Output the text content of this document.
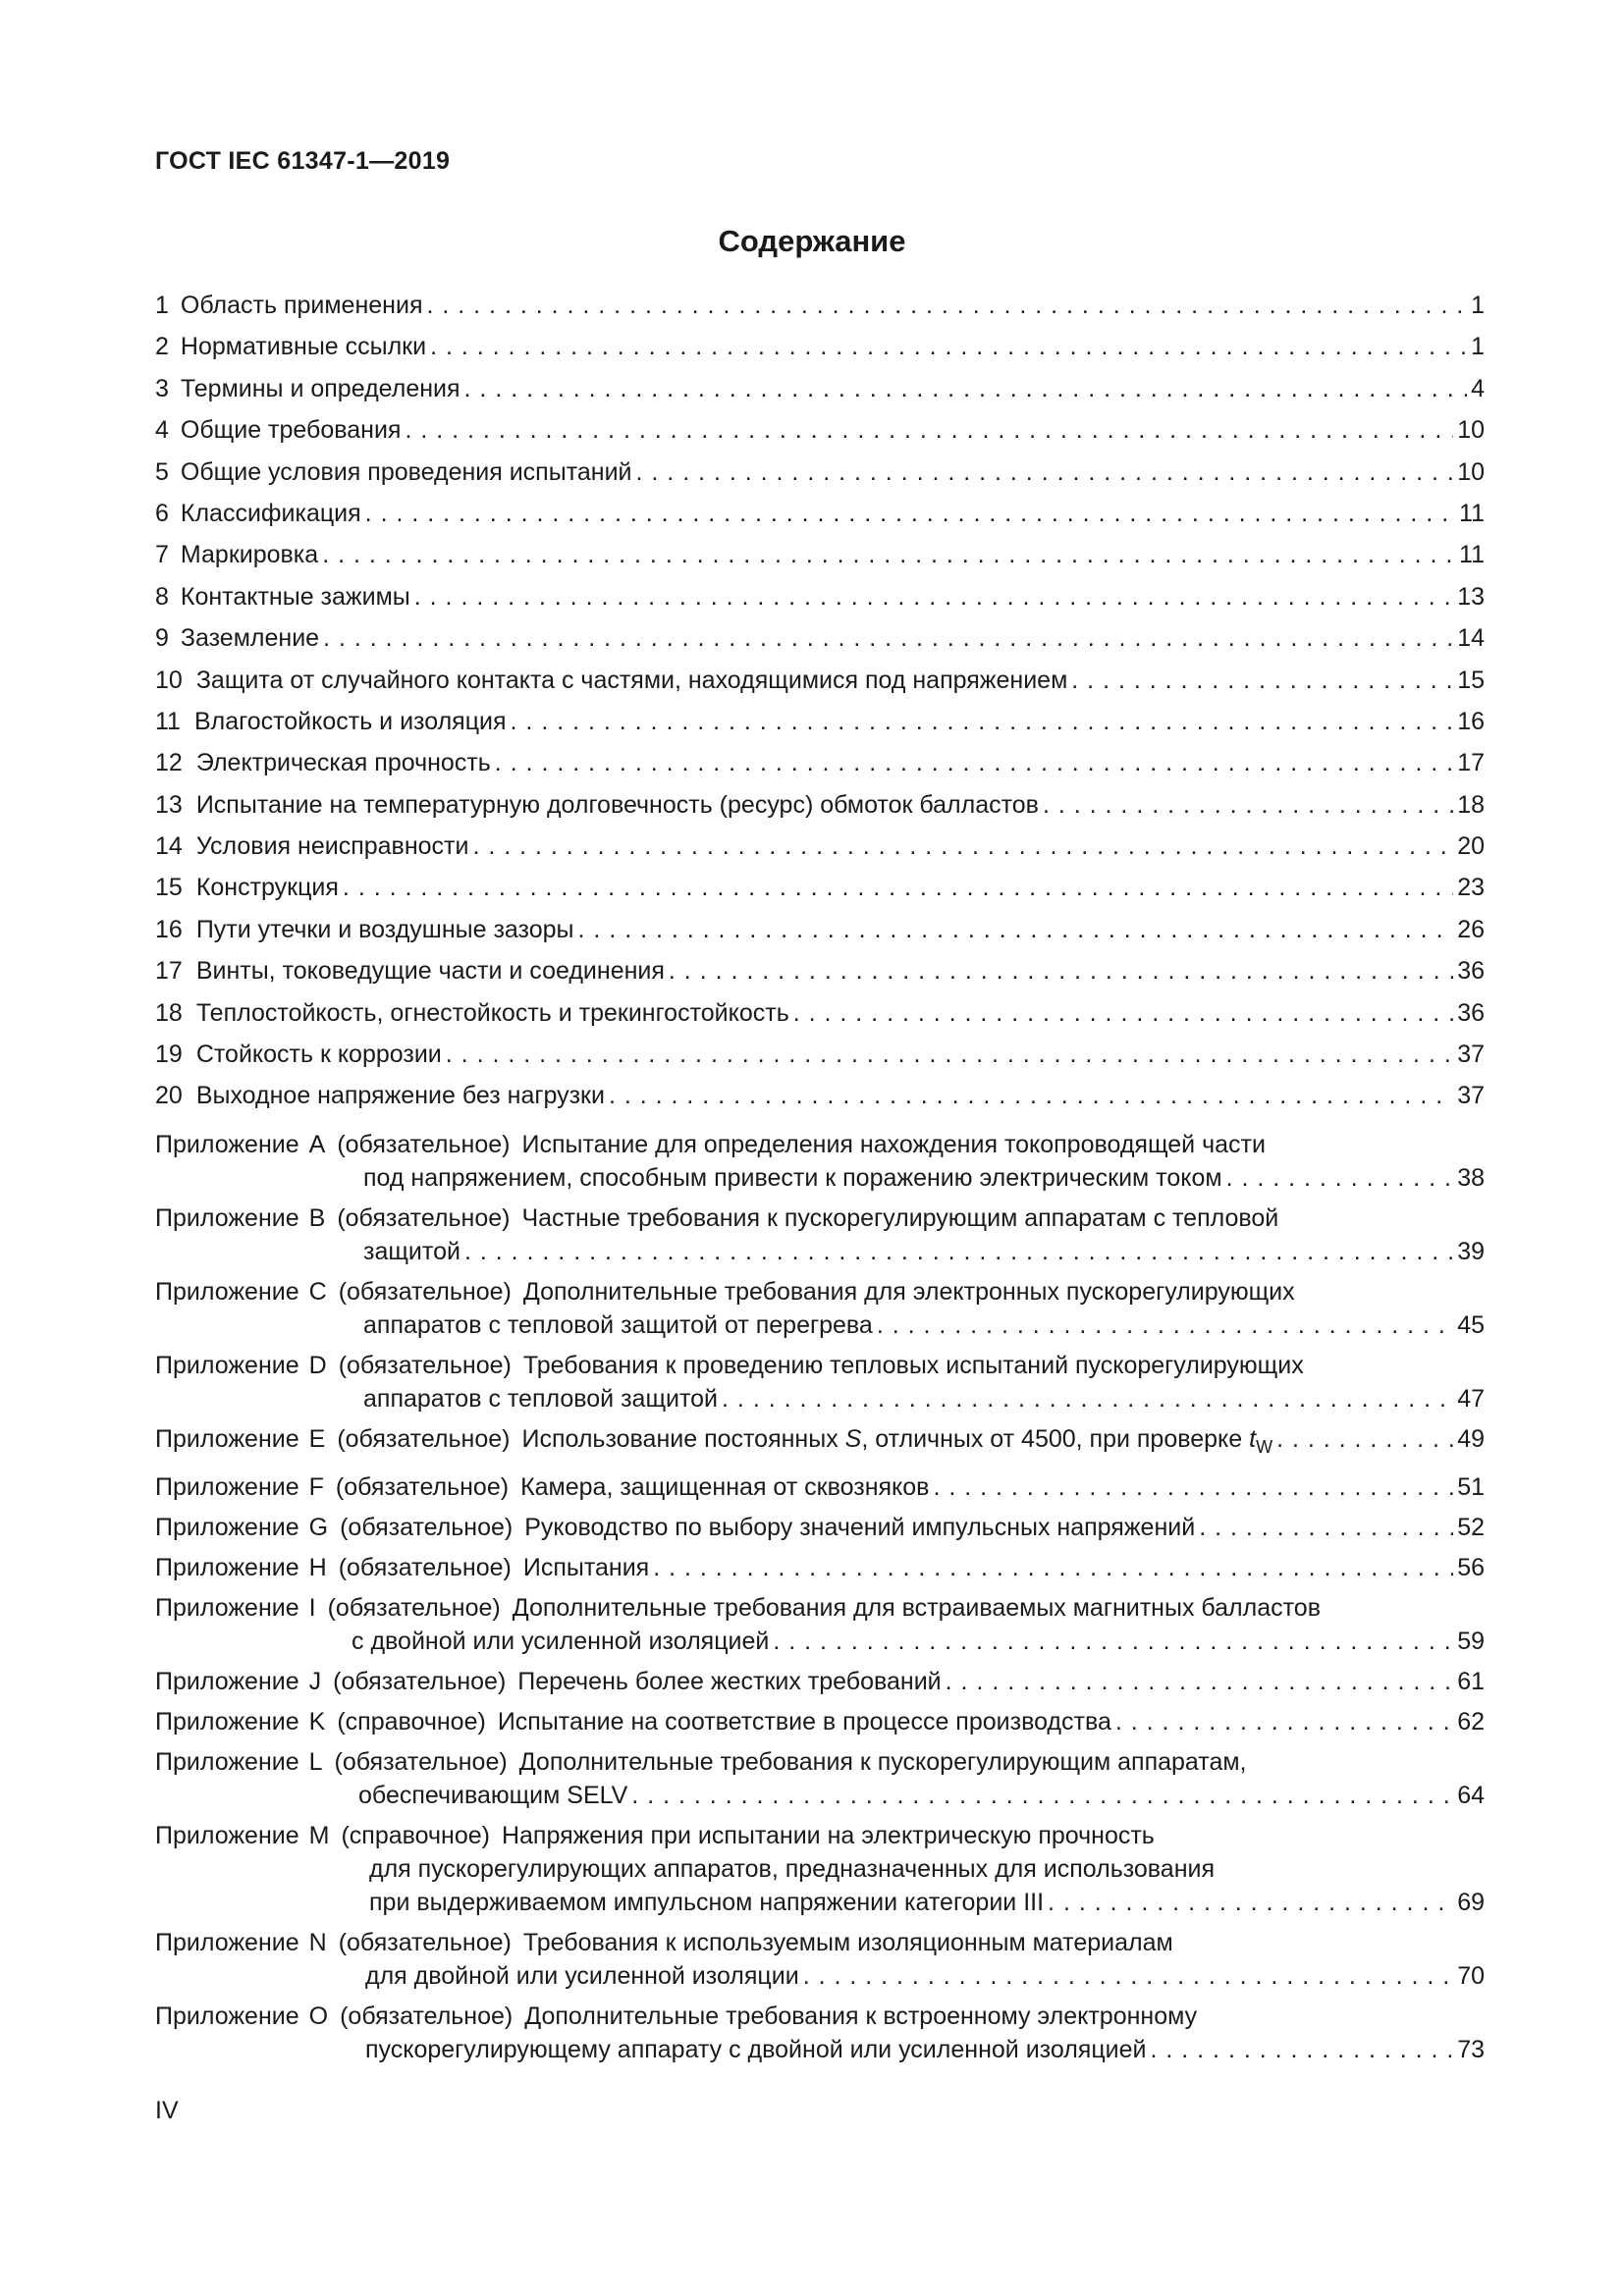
ГОСТ IEC 61347-1—2019
Содержание
1 Область применения . . .	1
2 Нормативные ссылки . . .	1
3 Термины и определения . . .	4
4 Общие требования . . .	10
5 Общие условия проведения испытаний . . .	10
6 Классификация . . .	11
7 Маркировка . . .	11
8 Контактные зажимы . . .	13
9 Заземление . . .	14
10 Защита от случайного контакта с частями, находящимися под напряжением . . .	15
11 Влагостойкость и изоляция . . .	16
12 Электрическая прочность . . .	17
13 Испытание на температурную долговечность (ресурс) обмоток балластов . . .	18
14 Условия неисправности . . .	20
15 Конструкция . . .	23
16 Пути утечки и воздушные зазоры . . .	26
17 Винты, токоведущие части и соединения . . .	36
18 Теплостойкость, огнестойкость и трекингостойкость . . .	36
19 Стойкость к коррозии . . .	37
20 Выходное напряжение без нагрузки . . .	37
Приложение A (обязательное) Испытание для определения нахождения токопроводящей части
под напряжением, способным привести к поражению электрическим током . . .	38
Приложение B (обязательное) Частные требования к пускорегулирующим аппаратам с тепловой
защитой . . .	39
Приложение C (обязательное) Дополнительные требования для электронных пускорегулирующих
аппаратов с тепловой защитой от перегрева . . .	45
Приложение D (обязательное) Требования к проведению тепловых испытаний пускорегулирующих
аппаратов с тепловой защитой . . .	47
Приложение E (обязательное) Использование постоянных S, отличных от 4500, при проверке $t_W$ . . .	49
Приложение F (обязательное) Камера, защищенная от сквозняков . . .	51
Приложение G (обязательное) Руководство по выбору значений импульсных напряжений . . .	52
Приложение H (обязательное) Испытания . . .	56
Приложение I (обязательное) Дополнительные требования для встраиваемых магнитных балластов
с двойной или усиленной изоляцией . . .	59
Приложение J (обязательное) Перечень более жестких требований . . .	61
Приложение K (справочное) Испытание на соответствие в процессе производства . . .	62
Приложение L (обязательное) Дополнительные требования к пускорегулирующим аппаратам,
обеспечивающим SELV . . .	64
Приложение M (справочное) Напряжения при испытании на электрическую прочность
для пускорегулирующих аппаратов, предназначенных для использования
при выдерживаемом импульсном напряжении категории III . . .	69
Приложение N (обязательное) Требования к используемым изоляционным материалам
для двойной или усиленной изоляции . . .	70
Приложение O (обязательное) Дополнительные требования к встроенному электронному
пускорегулирующему аппарату с двойной или усиленной изоляцией . . .	73
IV
